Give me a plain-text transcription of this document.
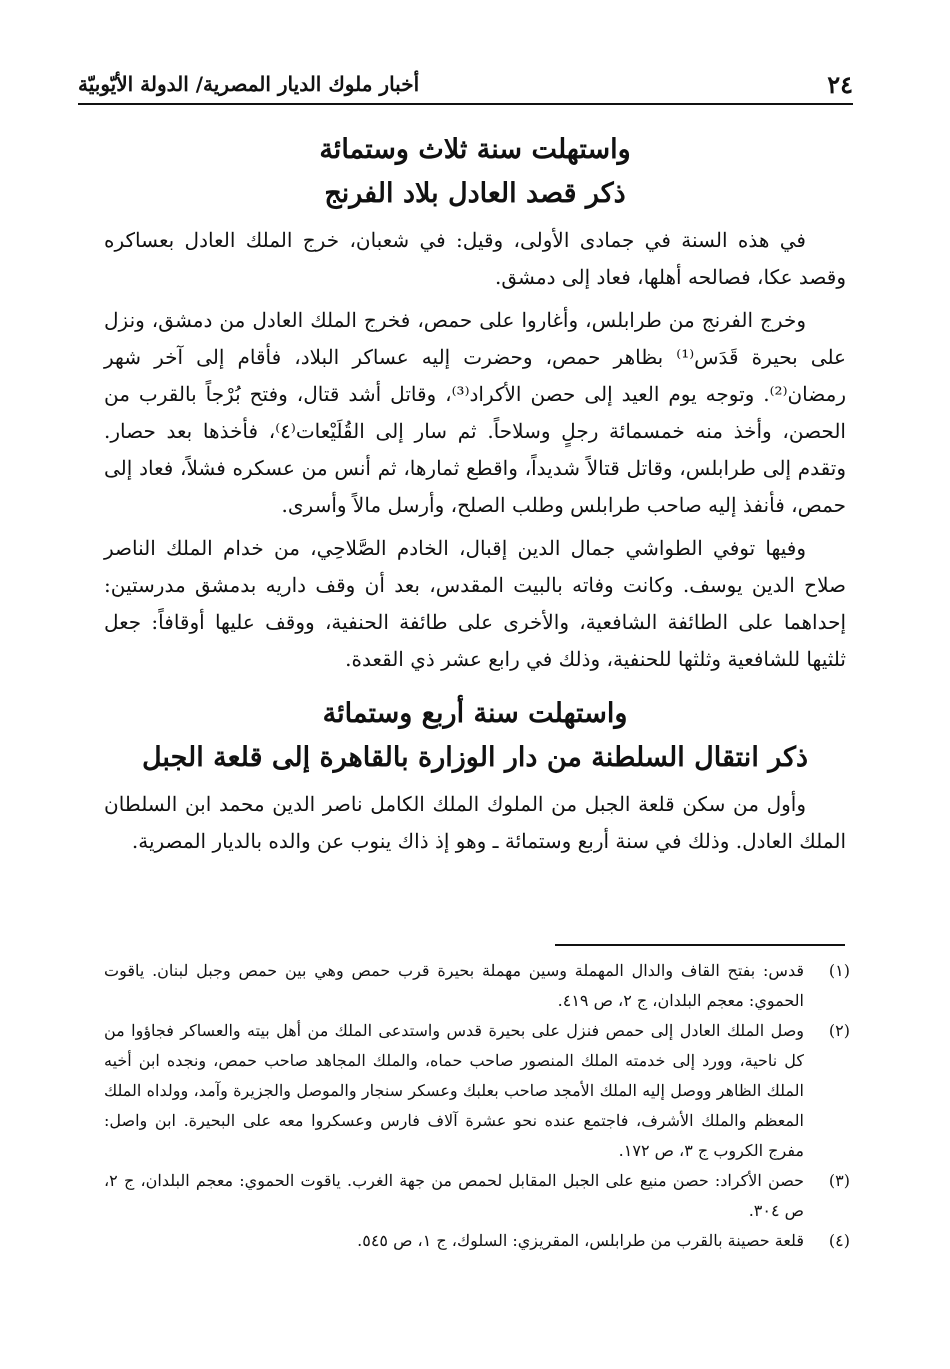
٢٤
أخبار ملوك الديار المصرية/ الدولة الأيّوبيّة
واستهلت سنة ثلاث وستمائة
ذكر قصد العادل بلاد الفرنج

في هذه السنة في جمادى الأولى، وقيل: في شعبان، خرج الملك العادل بعساكره وقصد عكا، فصالحه أهلها، فعاد إلى دمشق.

وخرج الفرنج من طرابلس، وأغاروا على حمص، فخرج الملك العادل من دمشق، ونزل على بحيرة قَدَس⁽¹⁾ بظاهر حمص، وحضرت إليه عساكر البلاد، فأقام إلى آخر شهر رمضان⁽²⁾. وتوجه يوم العيد إلى حصن الأكراد⁽³⁾، وقاتل أشد قتال، وفتح بُرْجاً بالقرب من الحصن، وأخذ منه خمسمائة رجلٍ وسلاحاً. ثم سار إلى القُلَيْعات⁽٤⁾، فأخذها بعد حصار. وتقدم إلى طرابلس، وقاتل قتالاً شديداً، واقطع ثمارها، ثم أنس من عسكره فشلاً، فعاد إلى حمص، فأنفذ إليه صاحب طرابلس وطلب الصلح، وأرسل مالاً وأسرى.

وفيها توفي الطواشي جمال الدين إقبال، الخادم الصَّلاحِي، من خدام الملك الناصر صلاح الدين يوسف. وكانت وفاته بالبيت المقدس، بعد أن وقف داريه بدمشق مدرستين: إحداهما على الطائفة الشافعية، والأخرى على طائفة الحنفية، ووقف عليها أوقافاً: جعل ثلثيها للشافعية وثلثها للحنفية، وذلك في رابع عشر ذي القعدة.

واستهلت سنة أربع وستمائة
ذكر انتقال السلطنة من دار الوزارة بالقاهرة إلى قلعة الجبل

وأول من سكن قلعة الجبل من الملوك الملك الكامل ناصر الدين محمد ابن السلطان الملك العادل. وذلك في سنة أربع وستمائة ـ وهو إذ ذاك ينوب عن والده بالديار المصرية.

(١)
قدس: بفتح القاف والدال المهملة وسين مهملة بحيرة قرب حمص وهي بين حمص وجبل لبنان. ياقوت الحموي: معجم البلدان، ج ٢، ص ٤١٩.
(٢)
وصل الملك العادل إلى حمص فنزل على بحيرة قدس واستدعى الملك من أهل بيته والعساكر فجاؤوا من كل ناحية، وورد إلى خدمته الملك المنصور صاحب حماه، والملك المجاهد صاحب حمص، ونجده ابن أخيه الملك الظاهر ووصل إليه الملك الأمجد صاحب بعلبك وعسكر سنجار والموصل والجزيرة وآمد، وولداه الملك المعظم والملك الأشرف، فاجتمع عنده نحو عشرة آلاف فارس وعسكروا معه على البحيرة. ابن واصل: مفرج الكروب ج ٣، ص ١٧٢.
(٣)
حصن الأكراد: حصن منيع على الجبل المقابل لحمص من جهة الغرب. ياقوت الحموي: معجم البلدان، ج ٢، ص ٣٠٤.
(٤)
قلعة حصينة بالقرب من طرابلس، المقريزي: السلوك، ج ١، ص ٥٤٥.
